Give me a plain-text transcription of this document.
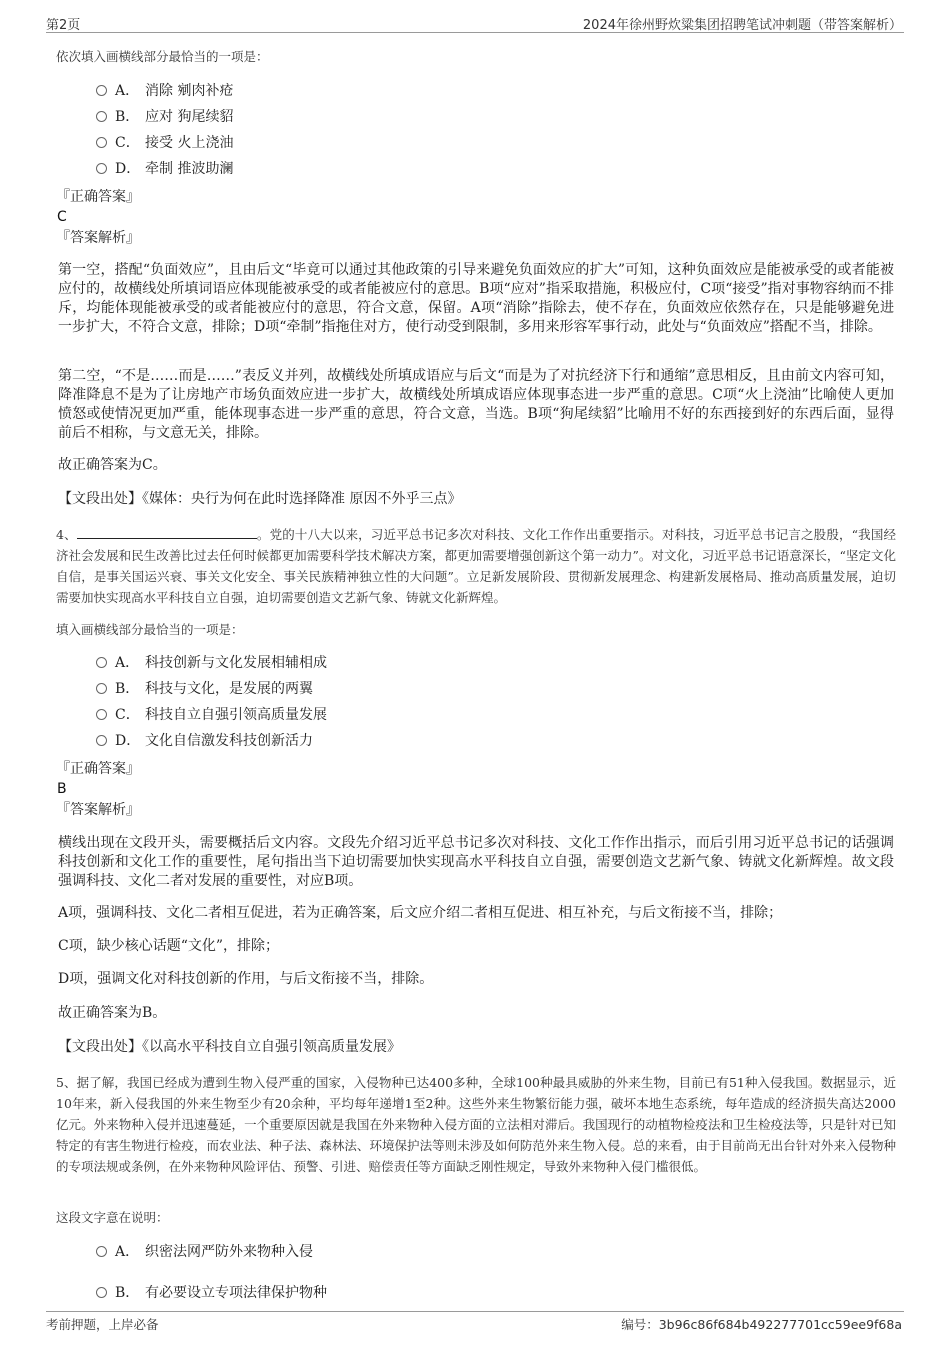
第2页	2024年徐州野炊粱集团招聘笔试冲刺题（带答案解析）
依次填入画横线部分最恰当的一项是：
A． 消除 剜肉补疮
B． 应对 狗尾续貂
C． 接受 火上浇油
D． 牵制 推波助澜
『正确答案』
C
『答案解析』
第一空，搭配“负面效应”，且由后文“毕竟可以通过其他政策的引导来避免负面效应的扩大”可知，这种负面效应是能被承受的或者能被应付的，故横线处所填词语应体现能被承受的或者能被应付的意思。B项“应对”指采取措施，积极应付，C项“接受”指对事物容纳而不排斥，均能体现能被承受的或者能被应付的意思，符合文意，保留。A项“消除”指除去，使不存在，负面效应依然存在，只是能够避免进一步扩大，不符合文意，排除；D项“牵制”指拖住对方，使行动受到限制，多用来形容军事行动，此处与“负面效应”搭配不当，排除。
第二空，“不是……而是……”表反义并列，故横线处所填成语应与后文“而是为了对抗经济下行和通缩”意思相反，且由前文内容可知，降准降息不是为了让房地产市场负面效应进一步扩大，故横线处所填成语应体现事态进一步严重的意思。C项“火上浇油”比喻使人更加愤怒或使情况更加严重，能体现事态进一步严重的意思，符合文意，当选。B项“狗尾续貂”比喻用不好的东西接到好的东西后面，显得前后不相称，与文意无关，排除。
故正确答案为C。
【文段出处】《媒体：央行为何在此时选择降准 原因不外乎三点》
4、	。党的十八大以来，习近平总书记多次对科技、文化工作作出重要指示。对科技，习近平总书记言之股殷，“我国经济社会发展和民生改善比过去任何时候都更加需要科学技术解决方案，都更加需要增强创新这个第一动力”。对文化，习近平总书记语意深长，“坚定文化自信，是事关国运兴衰、事关文化安全、事关民族精神独立性的大问题”。立足新发展阶段、贯彻新发展理念、构建新发展格局、推动高质量发展，迫切需要加快实现高水平科技自立自强，迫切需要创造文艺新气象、铸就文化新辉煌。
填入画横线部分最恰当的一项是：
A． 科技创新与文化发展相辅相成
B． 科技与文化，是发展的两翼
C． 科技自立自强引领高质量发展
D． 文化自信激发科技创新活力
『正确答案』
B
『答案解析』
横线出现在文段开头，需要概括后文内容。文段先介绍习近平总书记多次对科技、文化工作作出指示，而后引用习近平总书记的话强调科技创新和文化工作的重要性，尾句指出当下迫切需要加快实现高水平科技自立自强，需要创造文艺新气象、铸就文化新辉煌。故文段强调科技、文化二者对发展的重要性，对应B项。
A项，强调科技、文化二者相互促进，若为正确答案，后文应介绍二者相互促进、相互补充，与后文衔接不当，排除；
C项，缺少核心话题“文化”，排除；
D项，强调文化对科技创新的作用，与后文衔接不当，排除。
故正确答案为B。
【文段出处】《以高水平科技自立自强引领高质量发展》
5、据了解，我国已经成为遭到生物入侵严重的国家，入侵物种已达400多种，全球100种最具威胁的外来生物，目前已有51种入侵我国。数据显示，近10年来，新入侵我国的外来生物至少有20余种，平均每年递增1至2种。这些外来生物繁衍能力强，破坏本地生态系统，每年造成的经济损失高达2000亿元。外来物种入侵并迅速蔓延，一个重要原因就是我国在外来物种入侵方面的立法相对滞后。我国现行的动植物检疫法和卫生检疫法等，只是针对已知特定的有害生物进行检疫，而农业法、种子法、森林法、环境保护法等则未涉及如何防范外来生物入侵。总的来看，由于目前尚无出台针对外来入侵物种的专项法规或条例，在外来物种风险评估、预警、引进、赔偿责任等方面缺乏刚性规定，导致外来物种入侵门槛很低。
这段文字意在说明：
A． 织密法网严防外来物种入侵
B． 有必要设立专项法律保护物种
考前押题，上岸必备	编号：3b96c86f684b492277701cc59ee9f68a
